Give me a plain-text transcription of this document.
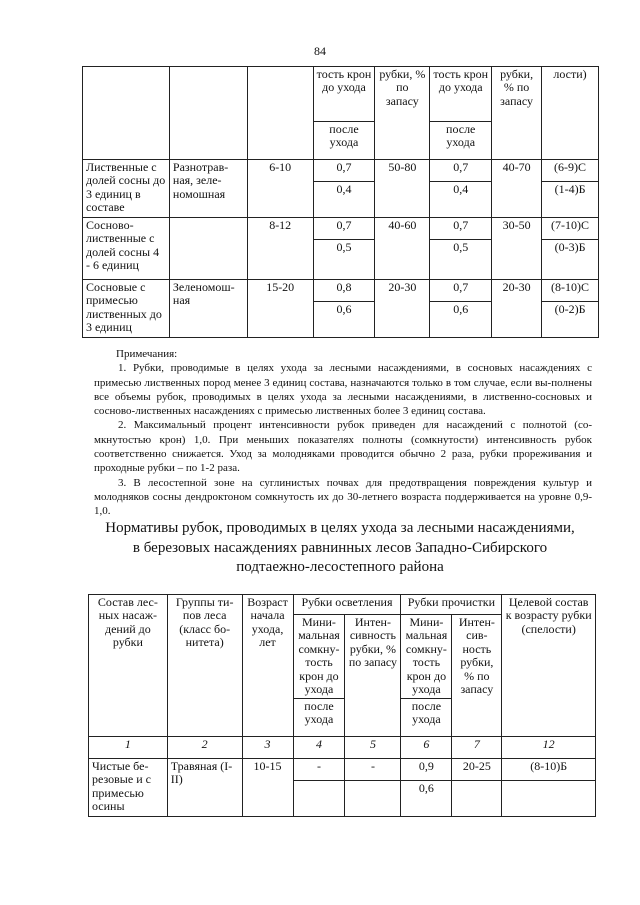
84
			тость крон до ухода	рубки, % по запасу	тость крон до ухода	рубки, % по запасу	лости)
			после ухода		после ухода		
Лиственные с долей сосны до 3 единиц в составе	Разнотрав-ная, зеле-номошная	6-10	0,7	50-80	0,7	40-70	(6-9)С
			0,4		0,4		(1-4)Б
Сосново-лиственные с долей сосны 4 - 6 единиц		8-12	0,7	40-60	0,7	30-50	(7-10)С
			0,5		0,5		(0-3)Б
Сосновые с примесью лиственных до 3 единиц	Зеленомош-ная	15-20	0,8	20-30	0,7	20-30	(8-10)С
			0,6		0,6		(0-2)Б

Примечания:

1. Рубки, проводимые в целях ухода за лесными насаждениями, в сосновых насаждениях с примесью лиственных пород менее 3 единиц состава, назначаются только в том случае, если вы-полнены все объемы рубок, проводимых в целях ухода за лесными насаждениями, в лиственно-сосновых и сосново-лиственных насаждениях с примесью лиственных более 3 единиц состава.

2. Максимальный процент интенсивности рубок приведен для насаждений с полнотой (со-мкнутостью крон) 1,0. При меньших показателях полноты (сомкнутости) интенсивность рубок соответственно снижается. Уход за молодняками проводится обычно 2 раза, рубки прореживания и проходные рубки – по 1-2 раза.

3. В лесостепной зоне на суглинистых почвах для предотвращения повреждения культур и молодняков сосны дендроктоном сомкнутость их до 30-летнего возраста поддерживается на уровне 0,9-1,0.

Нормативы рубок, проводимых в целях ухода за лесными насаждениями,
в березовых насаждениях равнинных лесов Западно-Сибирского
подтаежно-лесостепного района
Состав лес-ных насаж-дений до рубки	Группы ти-пов леса (класс бо-нитета)	Возраст начала ухода, лет	Рубки осветления		Рубки прочистки		Целевой состав к возрасту рубки (спелости)
			Мини-мальная сомкну-тость крон до ухода	Интен-сивность рубки, % по запасу	Мини-мальная сомкну-тость крон до ухода	Интен-сив-ность рубки, % по запасу	
			после ухода		после ухода		
1	2	3	4	5	6	7	12
Чистые бе-резовые и с примесью осины	Травяная (I-II)	10-15	-	-	0,9	20-25	(8-10)Б
					0,6		
